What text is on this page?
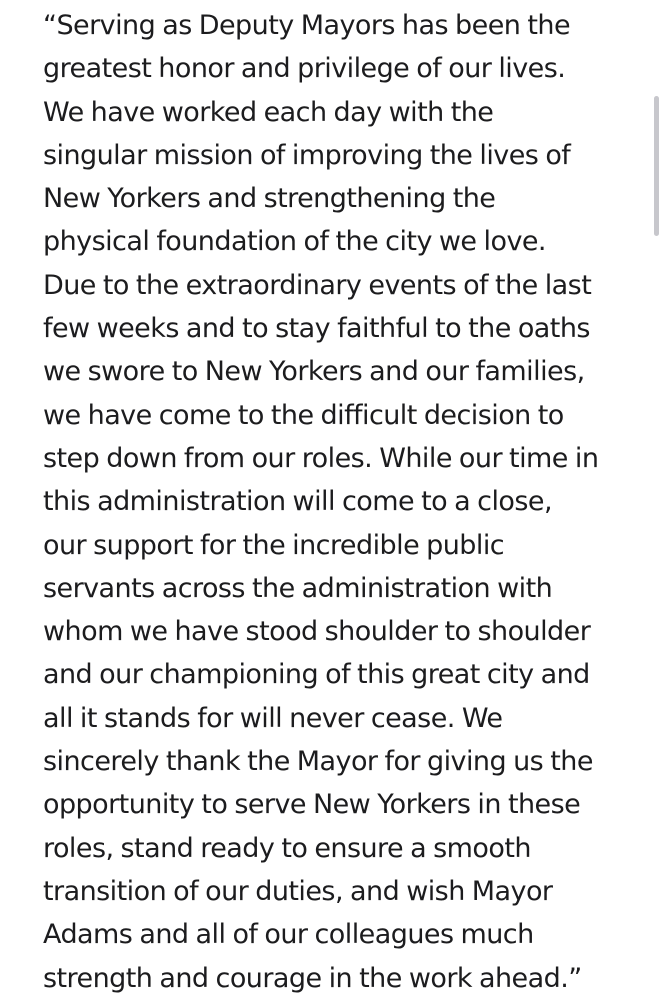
“Serving as Deputy Mayors has been the
greatest honor and privilege of our lives.
We have worked each day with the
singular mission of improving the lives of
New Yorkers and strengthening the
physical foundation of the city we love.
Due to the extraordinary events of the last
few weeks and to stay faithful to the oaths
we swore to New Yorkers and our families,
we have come to the difficult decision to
step down from our roles. While our time in
this administration will come to a close,
our support for the incredible public
servants across the administration with
whom we have stood shoulder to shoulder
and our championing of this great city and
all it stands for will never cease. We
sincerely thank the Mayor for giving us the
opportunity to serve New Yorkers in these
roles, stand ready to ensure a smooth
transition of our duties, and wish Mayor
Adams and all of our colleagues much
strength and courage in the work ahead.”
